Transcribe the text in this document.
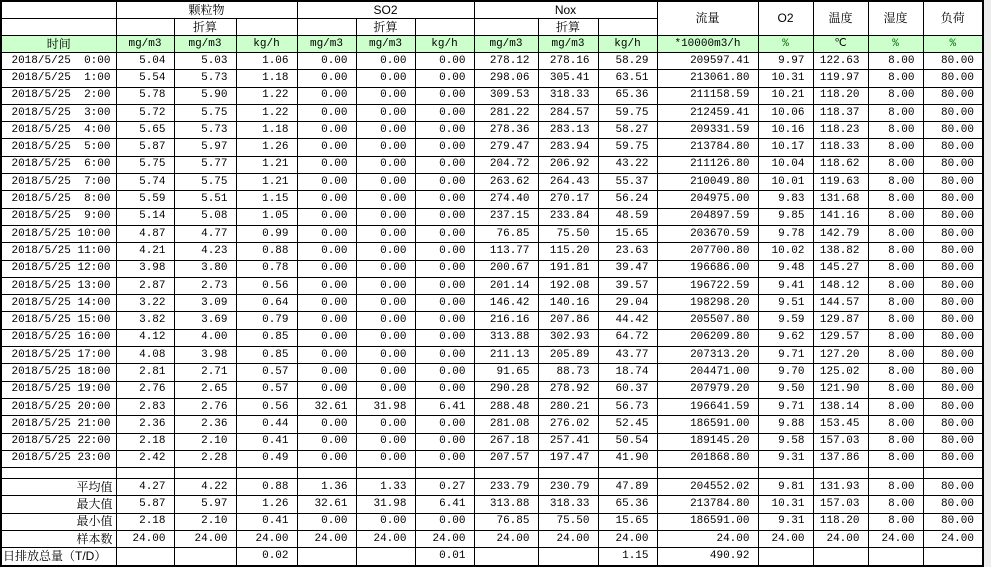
	颗粒物			SO2			Nox			流量	O2	温度	湿度	负荷
		折算			折算			折算						
时间	mg/m3	mg/m3	kg/h	mg/m3	mg/m3	kg/h	mg/m3	mg/m3	kg/h	*10000m3/h	%	℃	%	%
2018/5/25  0:00	5.04	5.03	1.06	0.00	0.00	0.00	278.12	278.16	58.29	209597.41	9.97	122.63	8.00	80.00
2018/5/25  1:00	5.54	5.73	1.18	0.00	0.00	0.00	298.06	305.41	63.51	213061.80	10.31	119.97	8.00	80.00
2018/5/25  2:00	5.78	5.90	1.22	0.00	0.00	0.00	309.53	318.33	65.36	211158.59	10.21	118.20	8.00	80.00
2018/5/25  3:00	5.72	5.75	1.22	0.00	0.00	0.00	281.22	284.57	59.75	212459.41	10.06	118.37	8.00	80.00
2018/5/25  4:00	5.65	5.73	1.18	0.00	0.00	0.00	278.36	283.13	58.27	209331.59	10.16	118.23	8.00	80.00
2018/5/25  5:00	5.87	5.97	1.26	0.00	0.00	0.00	279.47	283.94	59.75	213784.80	10.17	118.33	8.00	80.00
2018/5/25  6:00	5.75	5.77	1.21	0.00	0.00	0.00	204.72	206.92	43.22	211126.80	10.04	118.62	8.00	80.00
2018/5/25  7:00	5.74	5.75	1.21	0.00	0.00	0.00	263.62	264.43	55.37	210049.80	10.01	119.63	8.00	80.00
2018/5/25  8:00	5.59	5.51	1.15	0.00	0.00	0.00	274.40	270.17	56.24	204975.00	9.83	131.68	8.00	80.00
2018/5/25  9:00	5.14	5.08	1.05	0.00	0.00	0.00	237.15	233.84	48.59	204897.59	9.85	141.16	8.00	80.00
2018/5/25 10:00	4.87	4.77	0.99	0.00	0.00	0.00	76.85	75.50	15.65	203670.59	9.78	142.79	8.00	80.00
2018/5/25 11:00	4.21	4.23	0.88	0.00	0.00	0.00	113.77	115.20	23.63	207700.80	10.02	138.82	8.00	80.00
2018/5/25 12:00	3.98	3.80	0.78	0.00	0.00	0.00	200.67	191.81	39.47	196686.00	9.48	145.27	8.00	80.00
2018/5/25 13:00	2.87	2.73	0.56	0.00	0.00	0.00	201.14	192.08	39.57	196722.59	9.41	148.12	8.00	80.00
2018/5/25 14:00	3.22	3.09	0.64	0.00	0.00	0.00	146.42	140.16	29.04	198298.20	9.51	144.57	8.00	80.00
2018/5/25 15:00	3.82	3.69	0.79	0.00	0.00	0.00	216.16	207.86	44.42	205507.80	9.59	129.87	8.00	80.00
2018/5/25 16:00	4.12	4.00	0.85	0.00	0.00	0.00	313.88	302.93	64.72	206209.80	9.62	129.57	8.00	80.00
2018/5/25 17:00	4.08	3.98	0.85	0.00	0.00	0.00	211.13	205.89	43.77	207313.20	9.71	127.20	8.00	80.00
2018/5/25 18:00	2.81	2.71	0.57	0.00	0.00	0.00	91.65	88.73	18.74	204471.00	9.70	125.02	8.00	80.00
2018/5/25 19:00	2.76	2.65	0.57	0.00	0.00	0.00	290.28	278.92	60.37	207979.20	9.50	121.90	8.00	80.00
2018/5/25 20:00	2.83	2.76	0.56	32.61	31.98	6.41	288.48	280.21	56.73	196641.59	9.71	138.14	8.00	80.00
2018/5/25 21:00	2.36	2.36	0.44	0.00	0.00	0.00	281.08	276.02	52.45	186591.00	9.88	153.45	8.00	80.00
2018/5/25 22:00	2.18	2.10	0.41	0.00	0.00	0.00	267.18	257.41	50.54	189145.20	9.58	157.03	8.00	80.00
2018/5/25 23:00	2.42	2.28	0.49	0.00	0.00	0.00	207.57	197.47	41.90	201868.80	9.31	137.86	8.00	80.00

平均值	4.27	4.22	0.88	1.36	1.33	0.27	233.79	230.79	47.89	204552.02	9.81	131.93	8.00	80.00
最大值	5.87	5.97	1.26	32.61	31.98	6.41	313.88	318.33	65.36	213784.80	10.31	157.03	8.00	80.00
最小值	2.18	2.10	0.41	0.00	0.00	0.00	76.85	75.50	15.65	186591.00	9.31	118.20	8.00	80.00
样本数	24.00	24.00	24.00	24.00	24.00	24.00	24.00	24.00	24.00	24.00	24.00	24.00	24.00	24.00
日排放总量（T/D）			0.02			0.01			1.15	490.92				
